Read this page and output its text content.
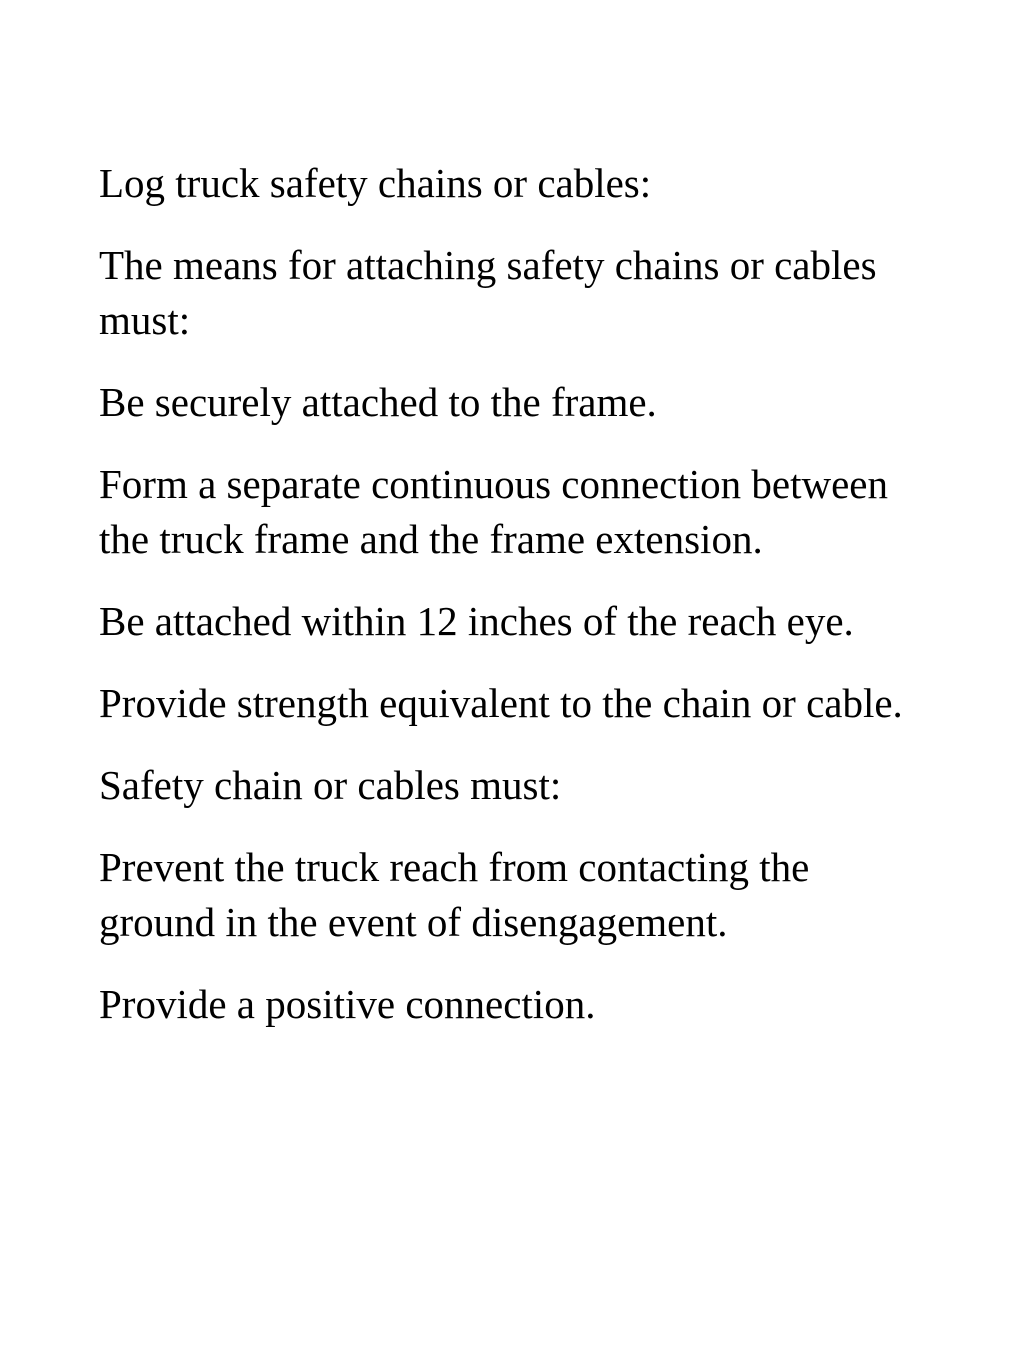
Log truck safety chains or cables:

The means for attaching safety chains or cables must:

Be securely attached to the frame.

Form a separate continuous connection between the truck frame and the frame extension.

Be attached within 12 inches of the reach eye.

Provide strength equivalent to the chain or cable.

Safety chain or cables must:

Prevent the truck reach from contacting the ground in the event of disengagement.

Provide a positive connection.
